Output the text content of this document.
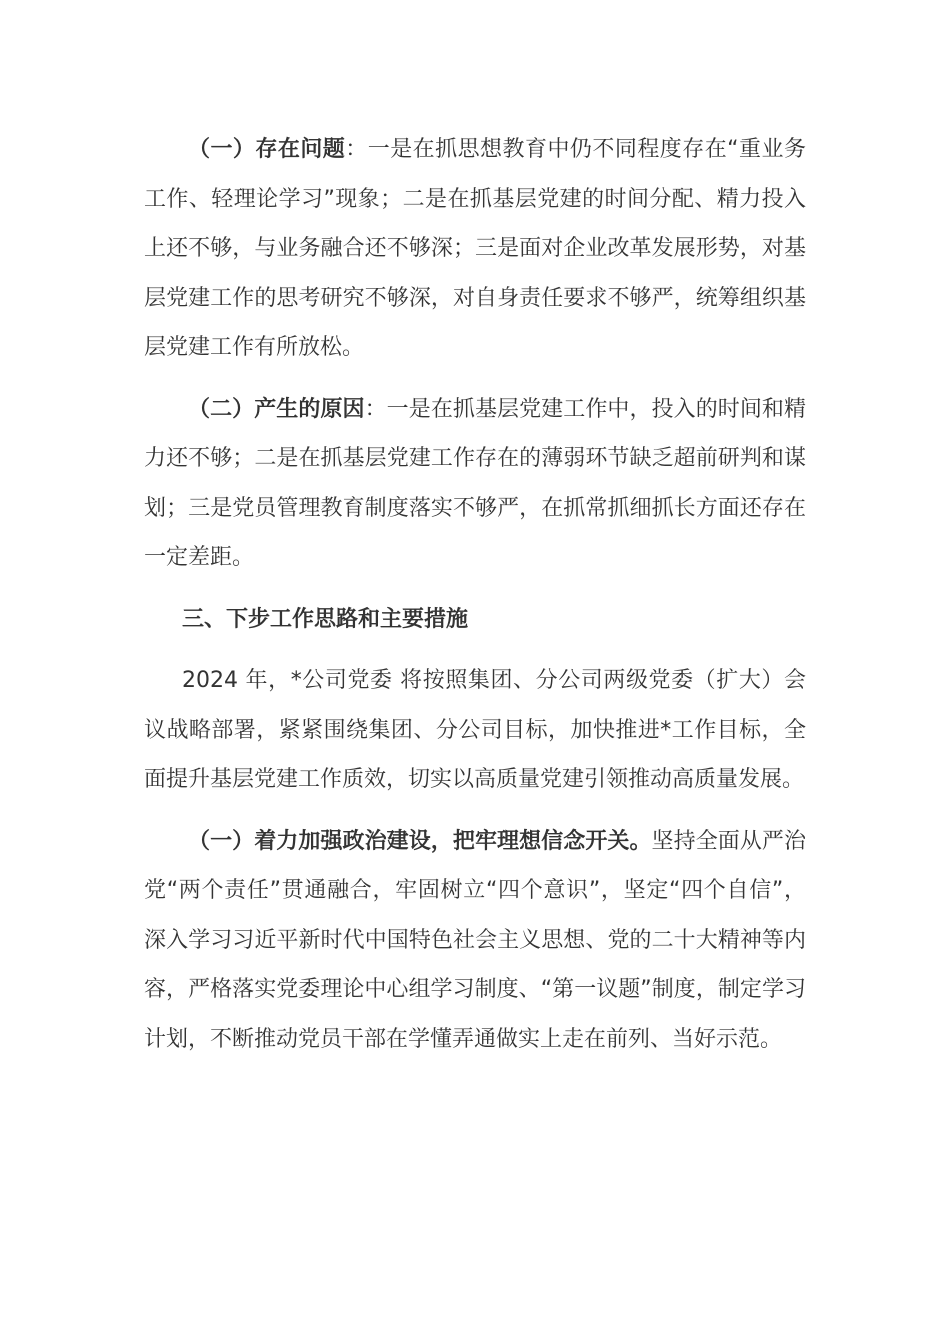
（一）存在问题：一是在抓思想教育中仍不同程度存在“重业务工作、轻理论学习”现象；二是在抓基层党建的时间分配、精力投入上还不够，与业务融合还不够深；三是面对企业改革发展形势，对基层党建工作的思考研究不够深，对自身责任要求不够严，统筹组织基层党建工作有所放松。

（二）产生的原因：一是在抓基层党建工作中，投入的时间和精力还不够；二是在抓基层党建工作存在的薄弱环节缺乏超前研判和谋划；三是党员管理教育制度落实不够严，在抓常抓细抓长方面还存在一定差距。

三、下步工作思路和主要措施

2024 年，*公司党委 将按照集团、分公司两级党委（扩大）会议战略部署，紧紧围绕集团、分公司目标，加快推进*工作目标，全面提升基层党建工作质效，切实以高质量党建引领推动高质量发展。

（一）着力加强政治建设，把牢理想信念开关。坚持全面从严治党“两个责任”贯通融合，牢固树立“四个意识”，坚定“四个自信”，深入学习习近平新时代中国特色社会主义思想、党的二十大精神等内容，严格落实党委理论中心组学习制度、“第一议题”制度，制定学习计划，不断推动党员干部在学懂弄通做实上走在前列、当好示范。
